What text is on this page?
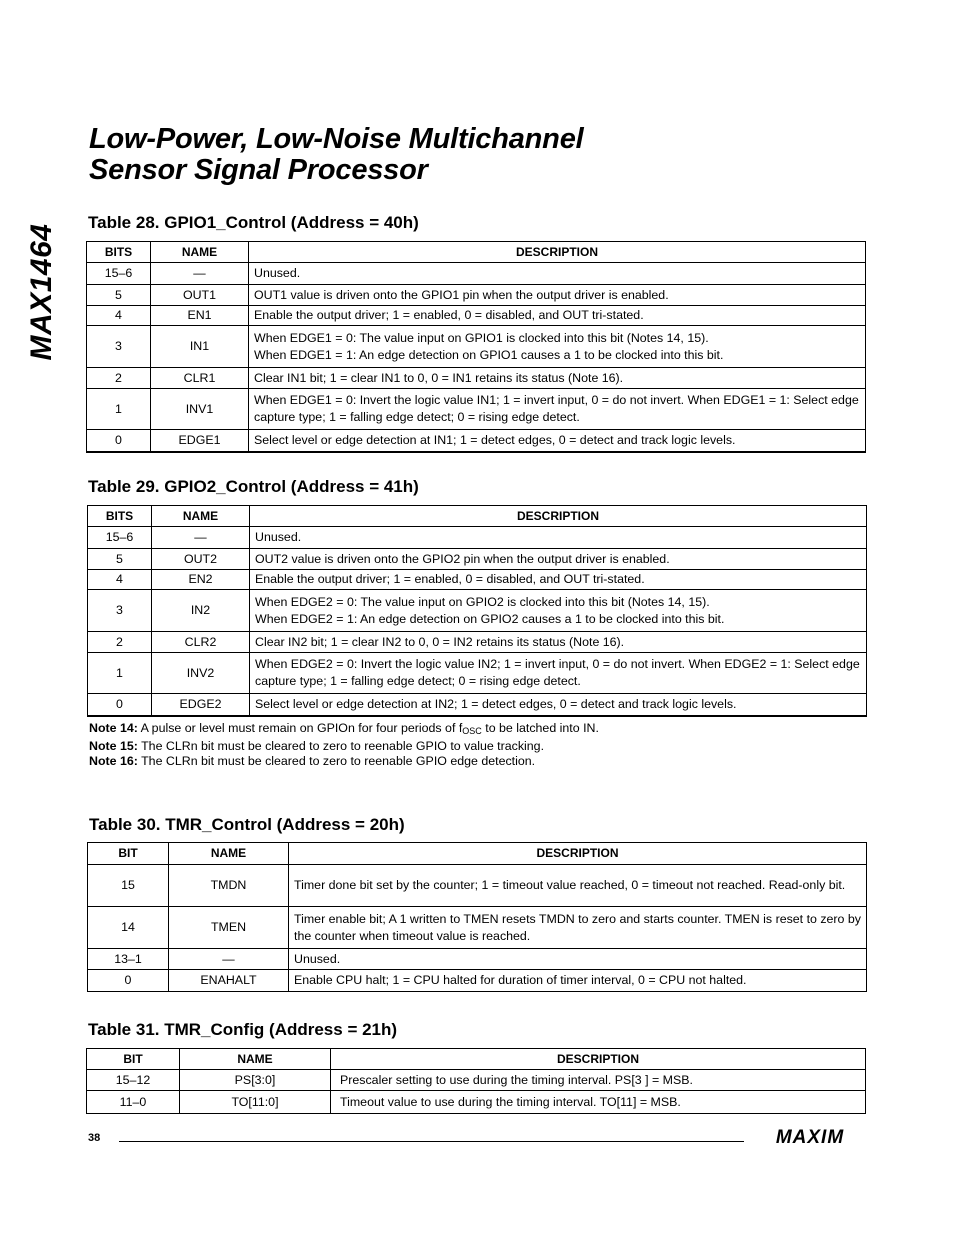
Low-Power, Low-Noise Multichannel
Sensor Signal Processor
MAX1464
Table 28. GPIO1_Control (Address = 40h)
BITS	NAME	DESCRIPTION
15–6	—	Unused.
5	OUT1	OUT1 value is driven onto the GPIO1 pin when the output driver is enabled.
4	EN1	Enable the output driver; 1 = enabled, 0 = disabled, and OUT tri-stated.
3	IN1	When EDGE1 = 0: The value input on GPIO1 is clocked into this bit (Notes 14, 15).
When EDGE1 = 1: An edge detection on GPIO1 causes a 1 to be clocked into this bit.

2	CLR1	Clear IN1 bit; 1 = clear IN1 to 0, 0 = IN1 retains its status (Note 16).
1	INV1	When EDGE1 = 0: Invert the logic value IN1; 1 = invert input, 0 = do not invert. When EDGE1 = 1: Select edge capture type; 1 = falling edge detect; 0 = rising edge detect.
0	EDGE1	Select level or edge detection at IN1; 1 = detect edges, 0 = detect and track logic levels.
Table 29. GPIO2_Control (Address = 41h)
BITS	NAME	DESCRIPTION
15–6	—	Unused.
5	OUT2	OUT2 value is driven onto the GPIO2 pin when the output driver is enabled.
4	EN2	Enable the output driver; 1 = enabled, 0 = disabled, and OUT tri-stated.
3	IN2	When EDGE2 = 0: The value input on GPIO2 is clocked into this bit (Notes 14, 15).
When EDGE2 = 1: An edge detection on GPIO2 causes a 1 to be clocked into this bit.

2	CLR2	Clear IN2 bit; 1 = clear IN2 to 0, 0 = IN2 retains its status (Note 16).
1	INV2	When EDGE2 = 0: Invert the logic value IN2; 1 = invert input, 0 = do not invert. When EDGE2 = 1: Select edge capture type; 1 = falling edge detect; 0 = rising edge detect.
0	EDGE2	Select level or edge detection at IN2; 1 = detect edges, 0 = detect and track logic levels.
Note 14: A pulse or level must remain on GPIOn for four periods of $f_{OSC}$ to be latched into IN.
Note 15: The CLRn bit must be cleared to zero to reenable GPIO to value tracking.
Note 16: The CLRn bit must be cleared to zero to reenable GPIO edge detection.
Table 30. TMR_Control (Address = 20h)
BIT	NAME	DESCRIPTION
15	TMDN	Timer done bit set by the counter; 1 = timeout value reached, 0 = timeout not reached. Read-only bit.
14	TMEN	Timer enable bit; A 1 written to TMEN resets TMDN to zero and starts counter. TMEN is reset to zero by the counter when timeout value is reached.
13–1	—	Unused.
0	ENAHALT	Enable CPU halt; 1 = CPU halted for duration of timer interval, 0 = CPU not halted.
Table 31. TMR_Config (Address = 21h)
BIT	NAME	DESCRIPTION
15–12	PS[3:0]	Prescaler setting to use during the timing interval. PS[3 ] = MSB.
11–0	TO[11:0]	Timeout value to use during the timing interval. TO[11] = MSB.
38	MAXIM
